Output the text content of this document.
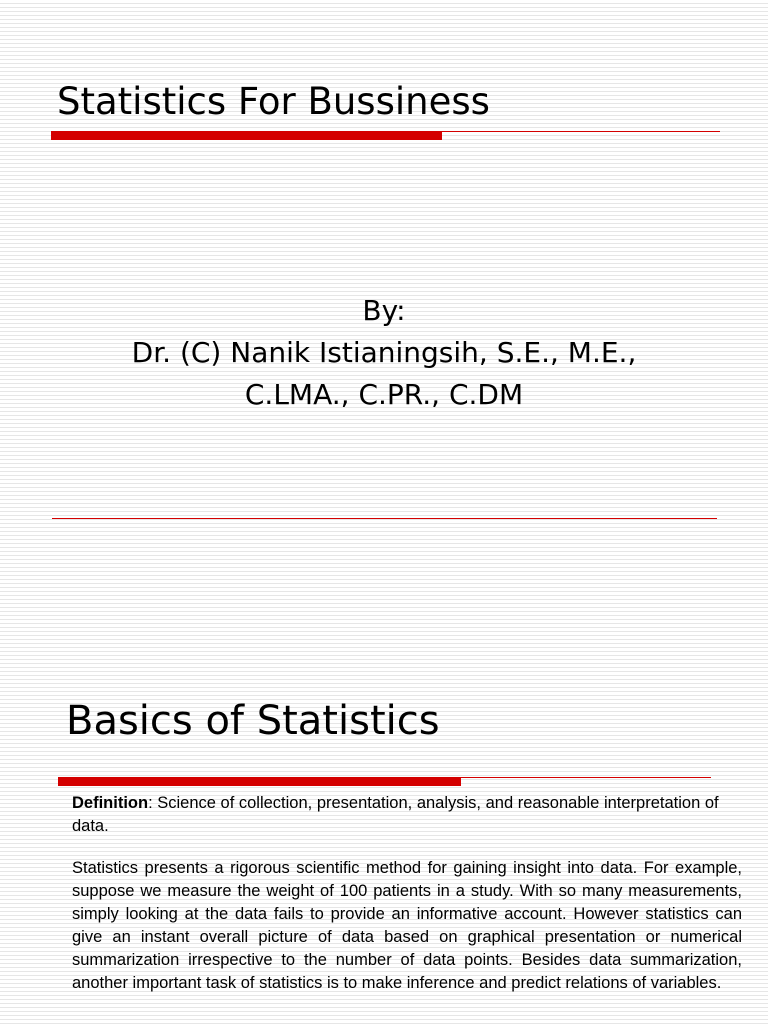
Statistics For Bussiness
By:
Dr. (C) Nanik Istianingsih, S.E., M.E.,
C.LMA., C.PR., C.DM
Basics of Statistics
Definition: Science of collection, presentation, analysis, and reasonable interpretation of data.
Statistics presents a rigorous scientific method for gaining insight into data. For example, suppose we measure the weight of 100 patients in a study. With so many measurements, simply looking at the data fails to provide an informative account. However statistics can give an instant overall picture of data based on graphical presentation or numerical summarization irrespective to the number of data points. Besides data summarization, another important task of statistics is to make inference and predict relations of variables.
